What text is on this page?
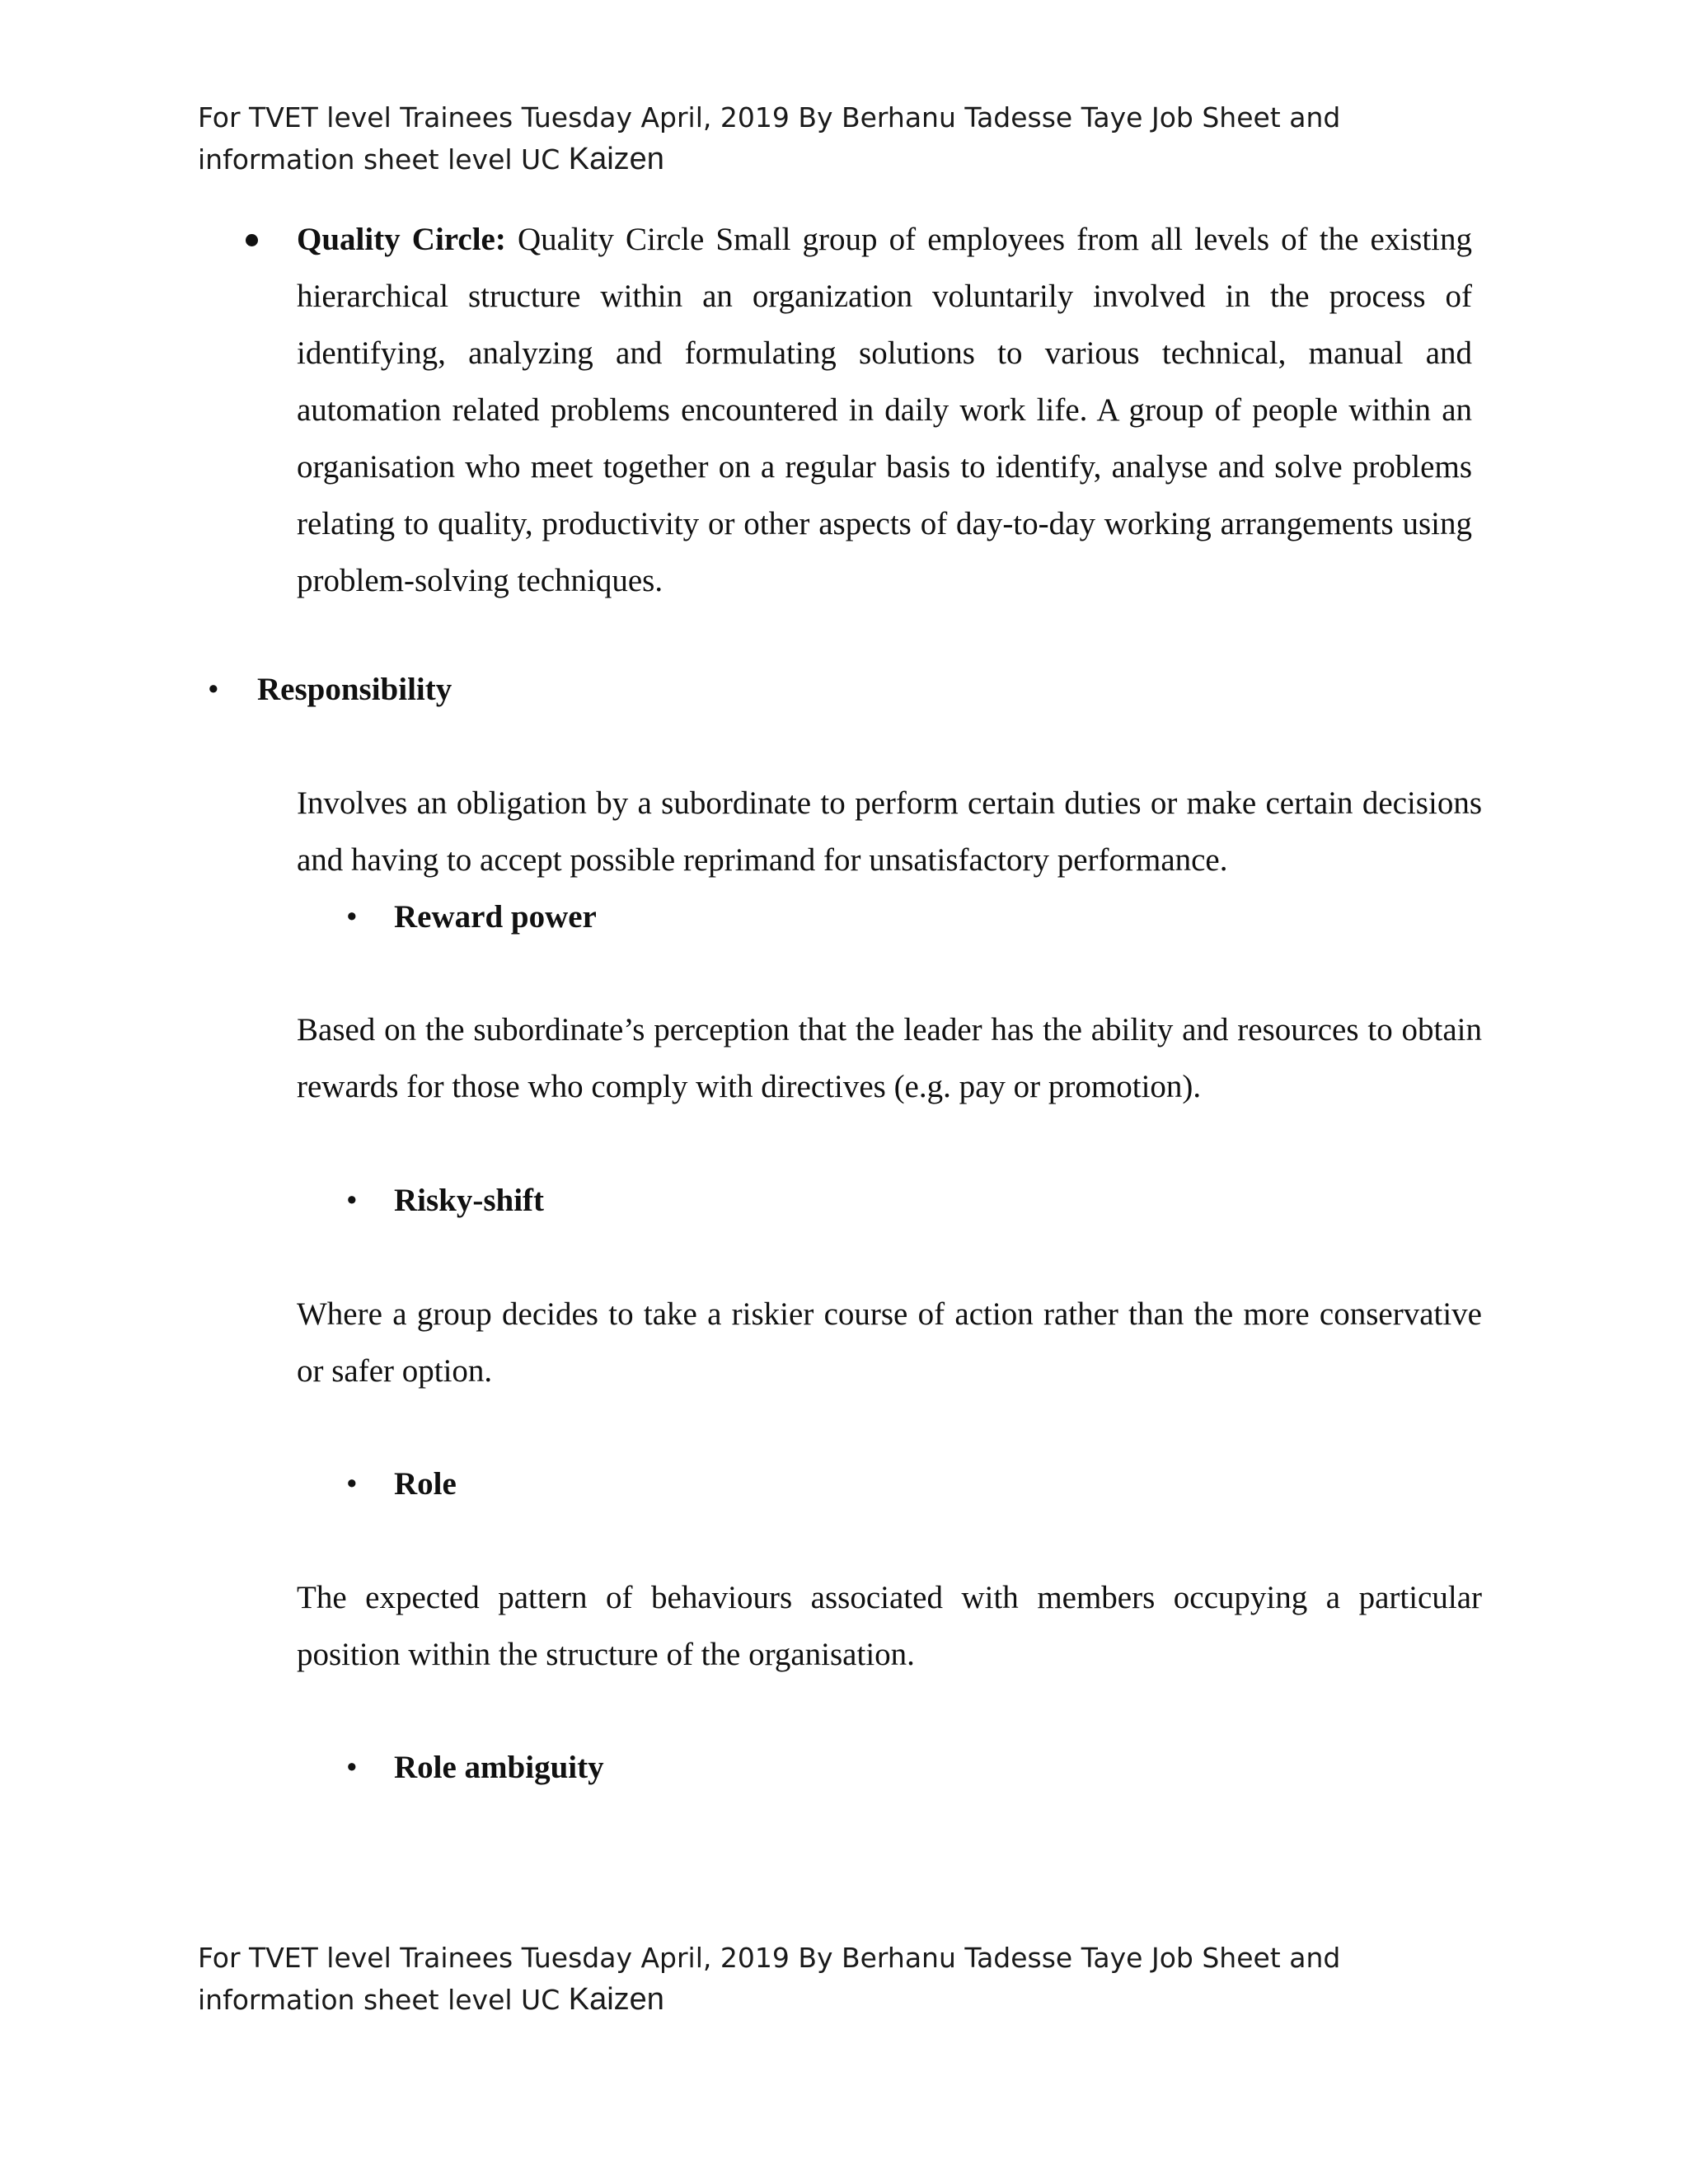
For TVET level Trainees Tuesday April, 2019 By Berhanu Tadesse Taye Job Sheet and
information sheet level UC Kaizen

Quality Circle: Quality Circle Small group of employees from all levels of the existing hierarchical structure within an organization voluntarily involved in the process of identifying, analyzing and formulating solutions to various technical, manual and automation related problems encountered in daily work life. A group of people within an organisation who meet together on a regular basis to identify, analyse and solve problems relating to quality, productivity or other aspects of day-to-day working arrangements using problem-solving techniques.

• Responsibility

Involves an obligation by a subordinate to perform certain duties or make certain decisions and having to accept possible reprimand for unsatisfactory performance.

• Reward power

Based on the subordinate’s perception that the leader has the ability and resources to obtain rewards for those who comply with directives (e.g. pay or promotion).

• Risky-shift

Where a group decides to take a riskier course of action rather than the more conservative or safer option.

• Role

The expected pattern of behaviours associated with members occupying a particular position within the structure of the organisation.

• Role ambiguity

For TVET level Trainees Tuesday April, 2019 By Berhanu Tadesse Taye Job Sheet and
information sheet level UC Kaizen
